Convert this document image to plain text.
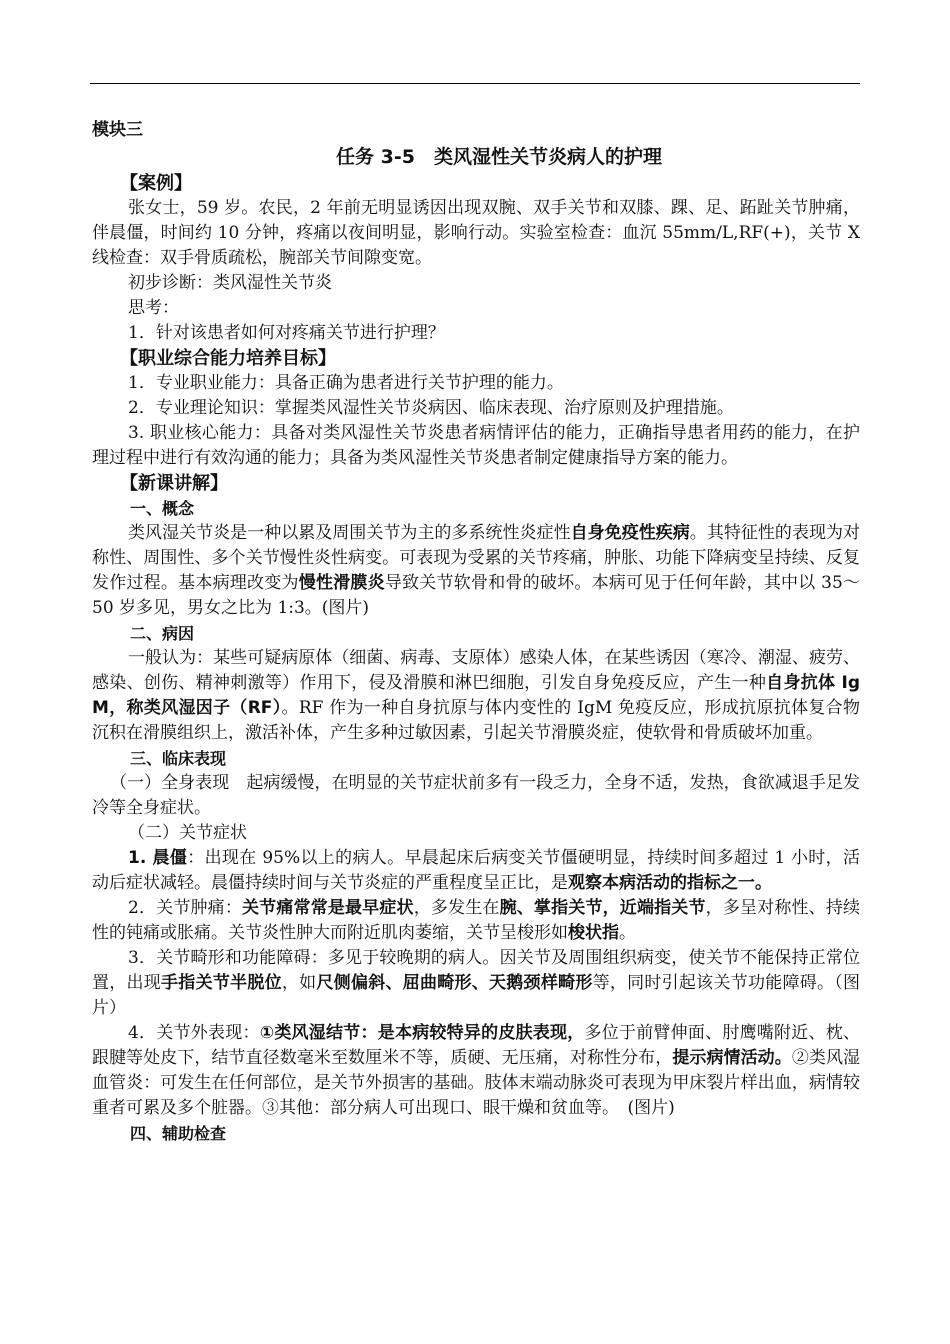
模块三

任务 3-5　类风湿性关节炎病人的护理

【案例】

张女士，59 岁。农民，2 年前无明显诱因出现双腕、双手关节和双膝、踝、足、跖趾关节肿痛，伴晨僵，时间约 10 分钟，疼痛以夜间明显，影响行动。实验室检查：血沉 55mm/L,RF(+)，关节 X 线检查：双手骨质疏松，腕部关节间隙变宽。

初步诊断：类风湿性关节炎

思考：

1．针对该患者如何对疼痛关节进行护理？

【职业综合能力培养目标】

1．专业职业能力：具备正确为患者进行关节护理的能力。

2．专业理论知识：掌握类风湿性关节炎病因、临床表现、治疗原则及护理措施。

3. 职业核心能力：具备对类风湿性关节炎患者病情评估的能力，正确指导患者用药的能力，在护理过程中进行有效沟通的能力；具备为类风湿性关节炎患者制定健康指导方案的能力。

【新课讲解】

一、概念

类风湿关节炎是一种以累及周围关节为主的多系统性炎症性自身免疫性疾病。其特征性的表现为对称性、周围性、多个关节慢性炎性病变。可表现为受累的关节疼痛，肿胀、功能下降病变呈持续、反复发作过程。基本病理改变为慢性滑膜炎导致关节软骨和骨的破坏。本病可见于任何年龄，其中以 35～50 岁多见，男女之比为 1:3。(图片)

二、病因

一般认为：某些可疑病原体（细菌、病毒、支原体）感染人体，在某些诱因（寒冷、潮湿、疲劳、感染、创伤、精神刺激等）作用下，侵及滑膜和淋巴细胞，引发自身免疫反应，产生一种自身抗体 IgM，称类风湿因子（RF）。RF 作为一种自身抗原与体内变性的 IgM 免疫反应，形成抗原抗体复合物沉积在滑膜组织上，激活补体，产生多种过敏因素，引起关节滑膜炎症，使软骨和骨质破坏加重。

三、临床表现

（一）全身表现　起病缓慢，在明显的关节症状前多有一段乏力，全身不适，发热，食欲减退手足发冷等全身症状。

（二）关节症状

1. 晨僵：出现在 95%以上的病人。早晨起床后病变关节僵硬明显，持续时间多超过 1 小时，活动后症状减轻。晨僵持续时间与关节炎症的严重程度呈正比，是观察本病活动的指标之一。

2．关节肿痛：关节痛常常是最早症状，多发生在腕、掌指关节，近端指关节，多呈对称性、持续性的钝痛或胀痛。关节炎性肿大而附近肌肉萎缩，关节呈梭形如梭状指。

3．关节畸形和功能障碍：多见于较晚期的病人。因关节及周围组织病变，使关节不能保持正常位置，出现手指关节半脱位，如尺侧偏斜、屈曲畸形、天鹅颈样畸形等，同时引起该关节功能障碍。（图片）

4．关节外表现：①类风湿结节：是本病较特异的皮肤表现，多位于前臂伸面、肘鹰嘴附近、枕、跟腱等处皮下，结节直径数毫米至数厘米不等，质硬、无压痛，对称性分布，提示病情活动。②类风湿血管炎：可发生在任何部位，是关节外损害的基础。肢体末端动脉炎可表现为甲床裂片样出血，病情较重者可累及多个脏器。③其他：部分病人可出现口、眼干燥和贫血等。　(图片)

四、辅助检查
